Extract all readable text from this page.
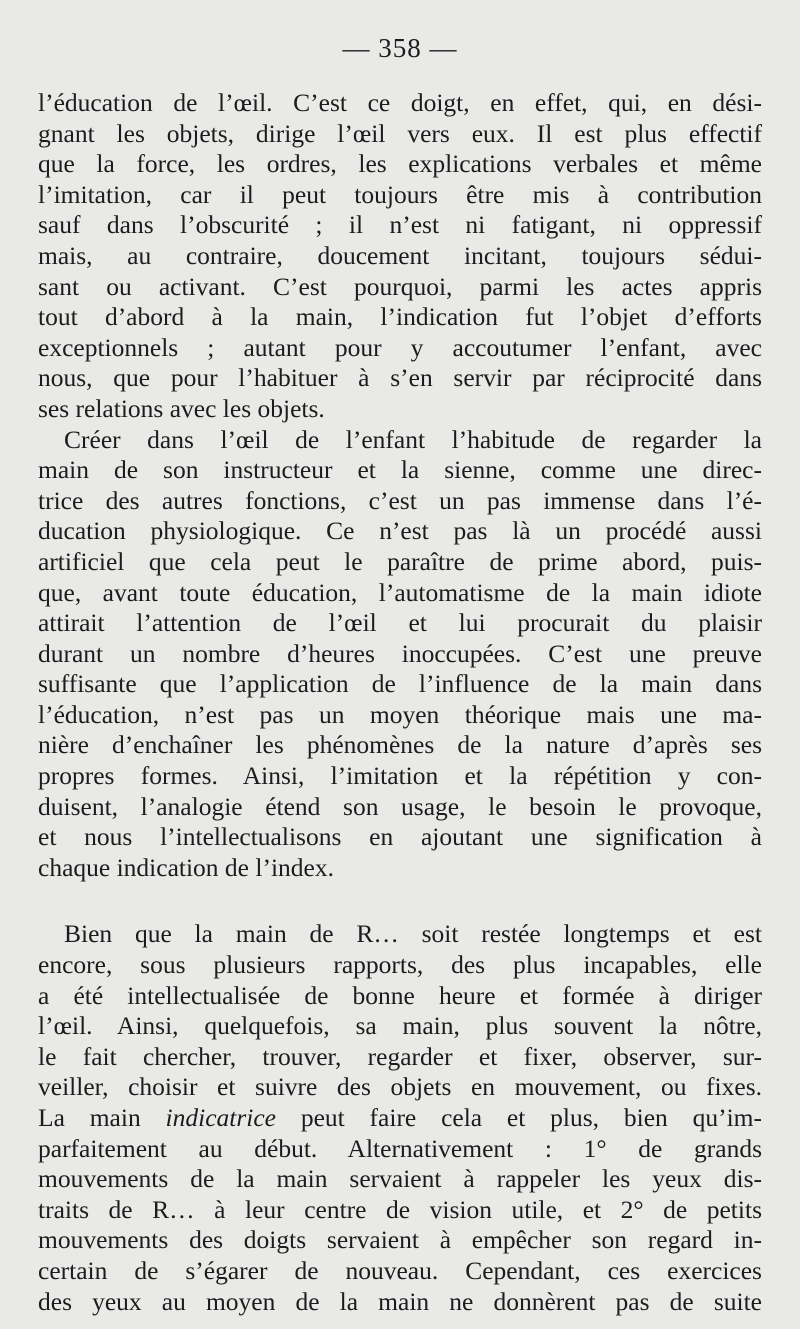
— 358 —
l’éducation de l’œil. C’est ce doigt, en effet, qui, en dési-
gnant les objets, dirige l’œil vers eux. Il est plus effectif
que la force, les ordres, les explications verbales et même
l’imitation, car il peut toujours être mis à contribution
sauf dans l’obscurité ; il n’est ni fatigant, ni oppressif
mais, au contraire, doucement incitant, toujours sédui-
sant ou activant. C’est pourquoi, parmi les actes appris
tout d’abord à la main, l’indication fut l’objet d’efforts
exceptionnels ; autant pour y accoutumer l’enfant, avec
nous, que pour l’habituer à s’en servir par réciprocité dans
ses relations avec les objets.
Créer dans l’œil de l’enfant l’habitude de regarder la
main de son instructeur et la sienne, comme une direc-
trice des autres fonctions, c’est un pas immense dans l’é-
ducation physiologique. Ce n’est pas là un procédé aussi
artificiel que cela peut le paraître de prime abord, puis-
que, avant toute éducation, l’automatisme de la main idiote
attirait l’attention de l’œil et lui procurait du plaisir
durant un nombre d’heures inoccupées. C’est une preuve
suffisante que l’application de l’influence de la main dans
l’éducation, n’est pas un moyen théorique mais une ma-
nière d’enchaîner les phénomènes de la nature d’après ses
propres formes. Ainsi, l’imitation et la répétition y con-
duisent, l’analogie étend son usage, le besoin le provoque,
et nous l’intellectualisons en ajoutant une signification à
chaque indication de l’index.
Bien que la main de R… soit restée longtemps et est
encore, sous plusieurs rapports, des plus incapables, elle
a été intellectualisée de bonne heure et formée à diriger
l’œil. Ainsi, quelquefois, sa main, plus souvent la nôtre,
le fait chercher, trouver, regarder et fixer, observer, sur-
veiller, choisir et suivre des objets en mouvement, ou fixes.
La main indicatrice peut faire cela et plus, bien qu’im-
parfaitement au début. Alternativement : 1° de grands
mouvements de la main servaient à rappeler les yeux dis-
traits de R… à leur centre de vision utile, et 2° de petits
mouvements des doigts servaient à empêcher son regard in-
certain de s’égarer de nouveau. Cependant, ces exercices
des yeux au moyen de la main ne donnèrent pas de suite
